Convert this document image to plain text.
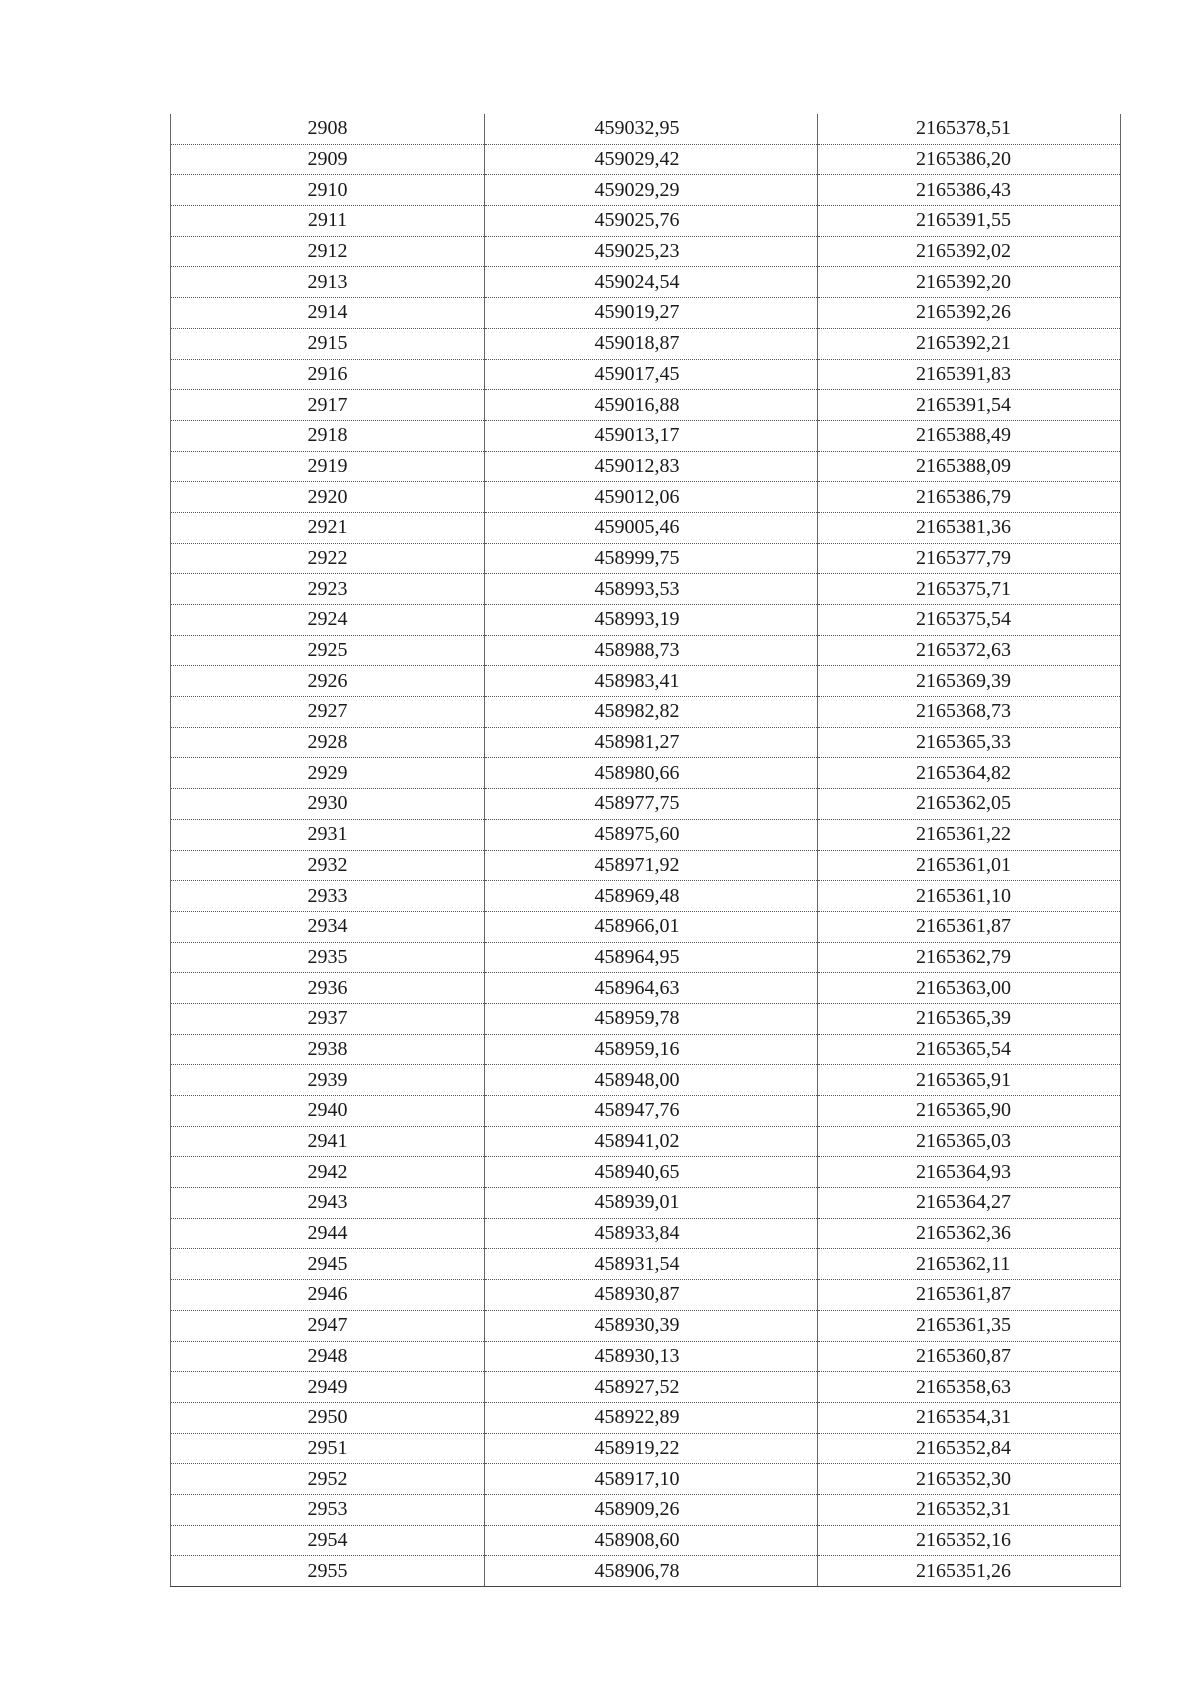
2908	459032,95	2165378,51
2909	459029,42	2165386,20
2910	459029,29	2165386,43
2911	459025,76	2165391,55
2912	459025,23	2165392,02
2913	459024,54	2165392,20
2914	459019,27	2165392,26
2915	459018,87	2165392,21
2916	459017,45	2165391,83
2917	459016,88	2165391,54
2918	459013,17	2165388,49
2919	459012,83	2165388,09
2920	459012,06	2165386,79
2921	459005,46	2165381,36
2922	458999,75	2165377,79
2923	458993,53	2165375,71
2924	458993,19	2165375,54
2925	458988,73	2165372,63
2926	458983,41	2165369,39
2927	458982,82	2165368,73
2928	458981,27	2165365,33
2929	458980,66	2165364,82
2930	458977,75	2165362,05
2931	458975,60	2165361,22
2932	458971,92	2165361,01
2933	458969,48	2165361,10
2934	458966,01	2165361,87
2935	458964,95	2165362,79
2936	458964,63	2165363,00
2937	458959,78	2165365,39
2938	458959,16	2165365,54
2939	458948,00	2165365,91
2940	458947,76	2165365,90
2941	458941,02	2165365,03
2942	458940,65	2165364,93
2943	458939,01	2165364,27
2944	458933,84	2165362,36
2945	458931,54	2165362,11
2946	458930,87	2165361,87
2947	458930,39	2165361,35
2948	458930,13	2165360,87
2949	458927,52	2165358,63
2950	458922,89	2165354,31
2951	458919,22	2165352,84
2952	458917,10	2165352,30
2953	458909,26	2165352,31
2954	458908,60	2165352,16
2955	458906,78	2165351,26
